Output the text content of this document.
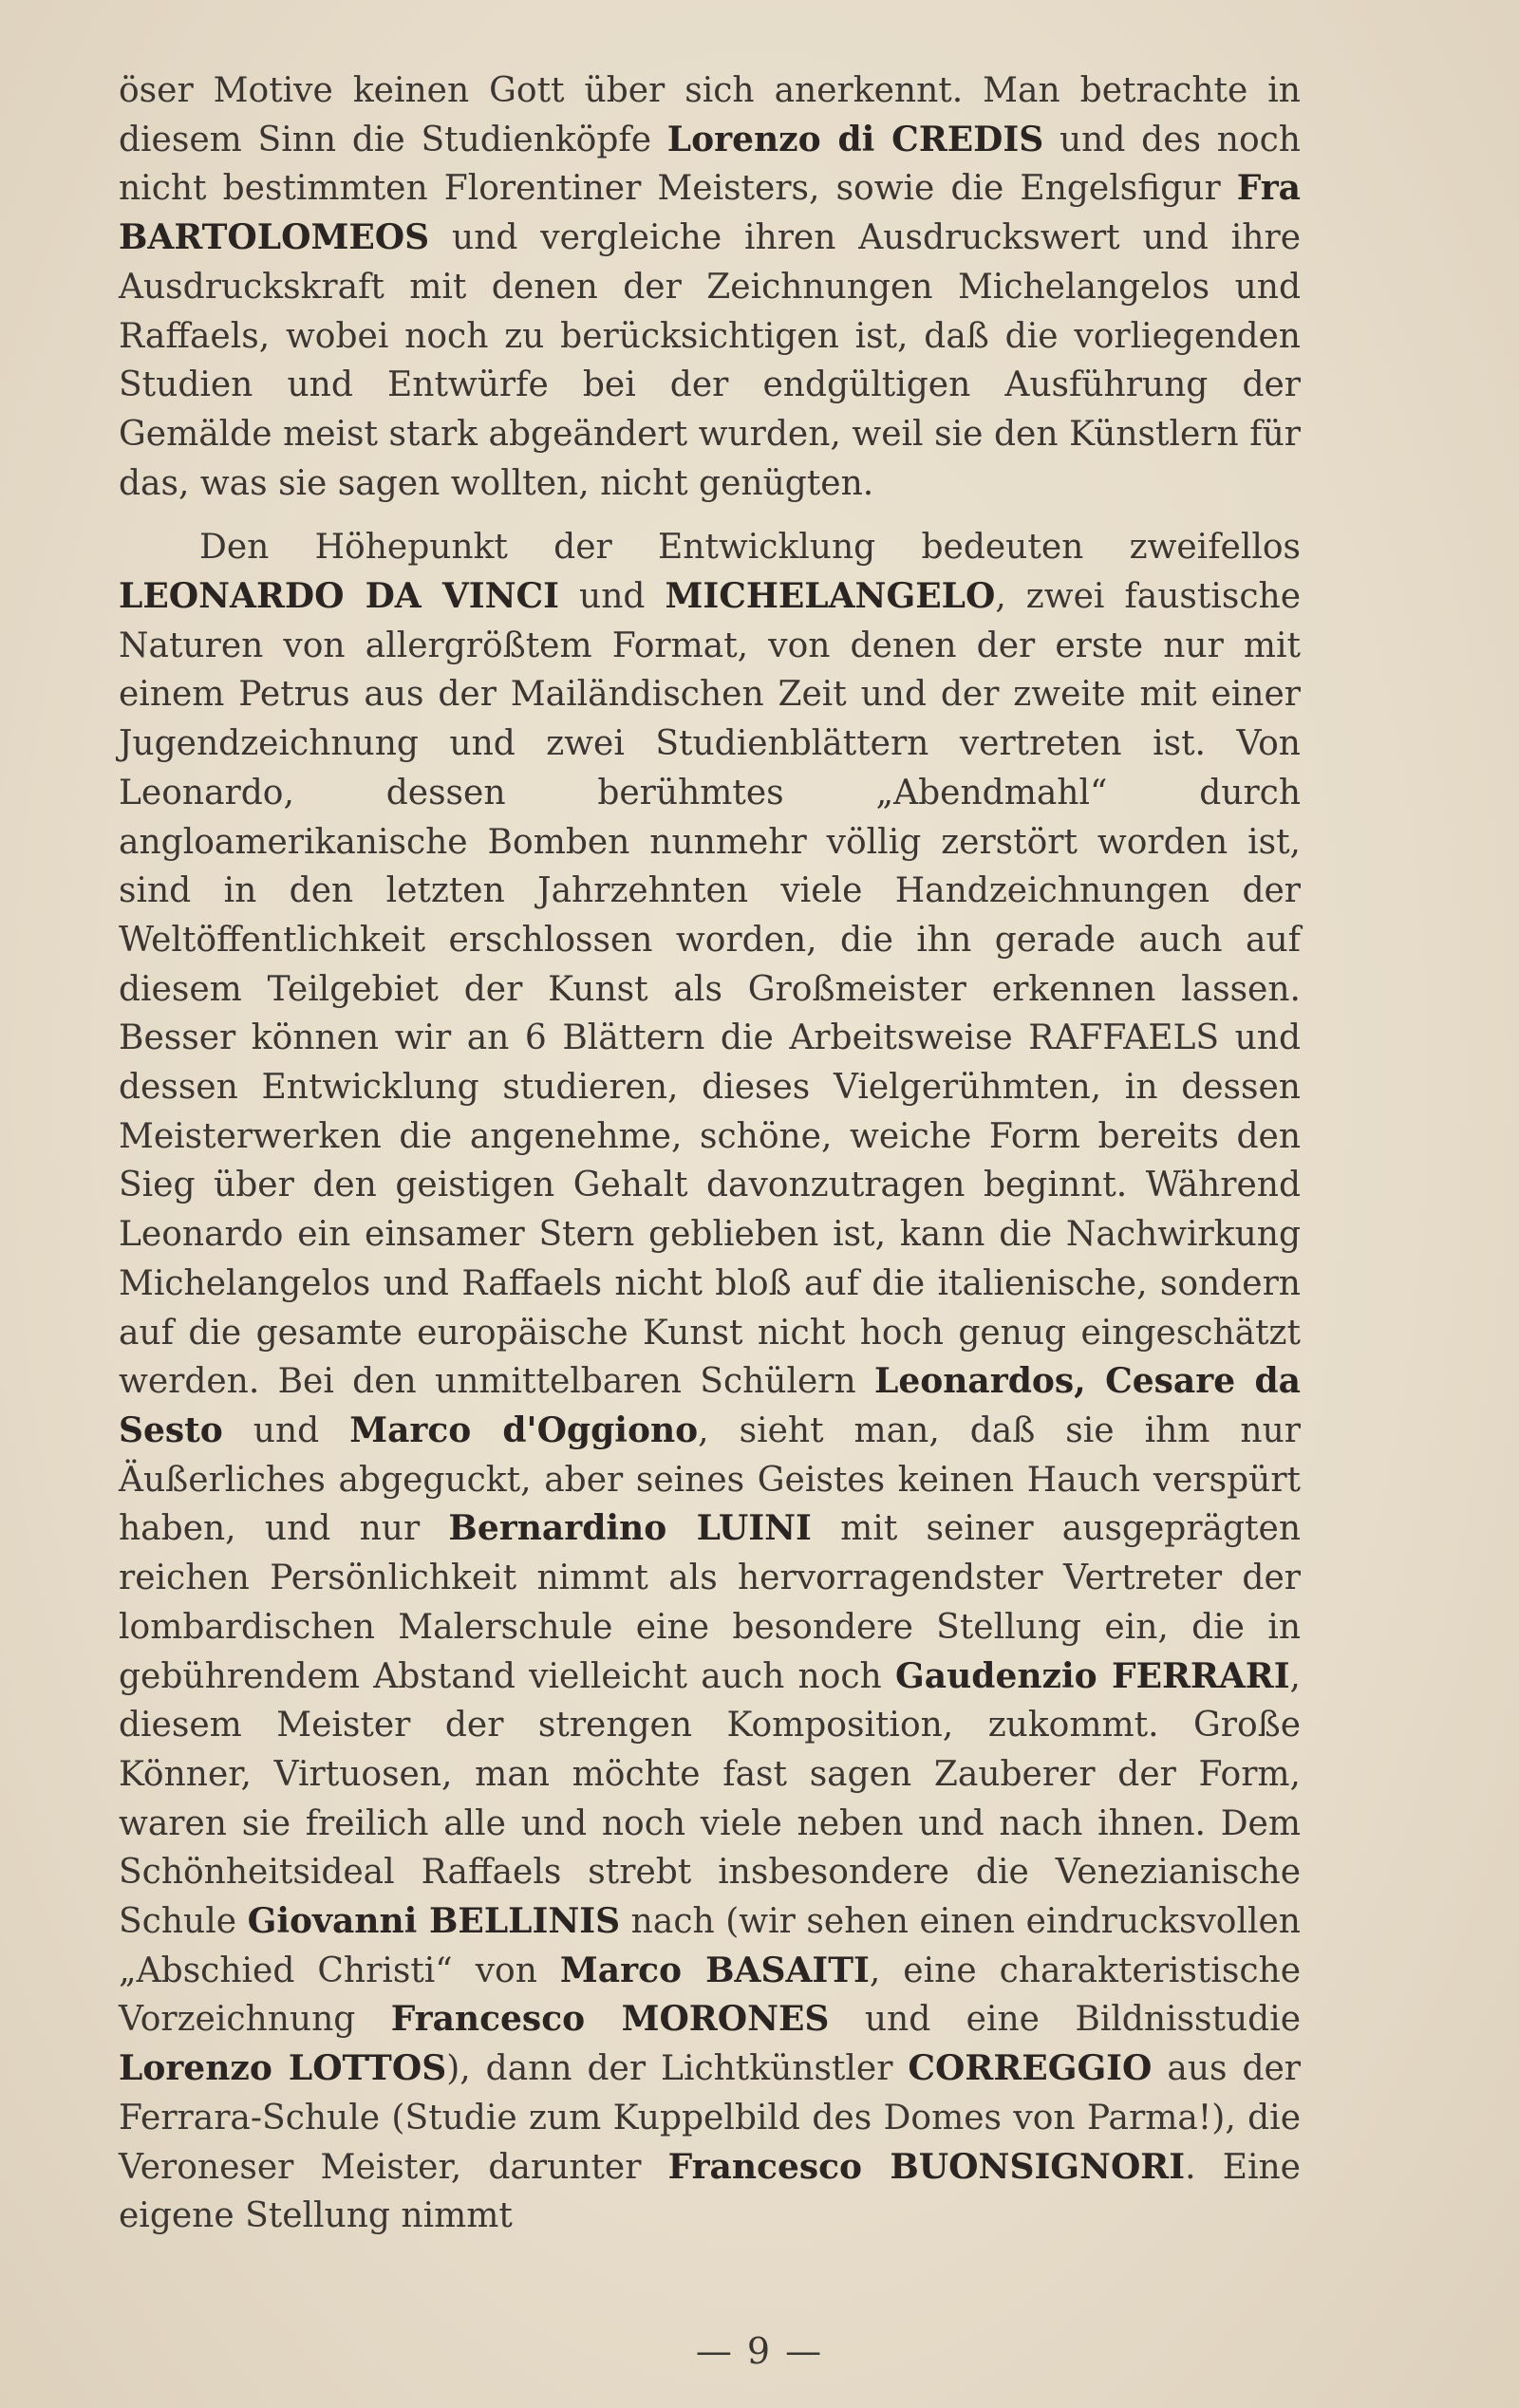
öser Motive keinen Gott über sich anerkennt. Man betrachte in diesem Sinn die Studienköpfe Lorenzo di CREDIS und des noch nicht bestimmten Florentiner Meisters, sowie die Engelsfigur Fra BARTOLOMEOS und vergleiche ihren Ausdruckswert und ihre Ausdruckskraft mit denen der Zeichnungen Michelangelos und Raffaels, wobei noch zu berücksichtigen ist, daß die vorliegenden Studien und Entwürfe bei der endgültigen Ausführung der Gemälde meist stark abgeändert wurden, weil sie den Künstlern für das, was sie sagen wollten, nicht genügten.

Den Höhepunkt der Entwicklung bedeuten zweifellos LEONARDO DA VINCI und MICHELANGELO, zwei faustische Naturen von allergrößtem Format, von denen der erste nur mit einem Petrus aus der Mailändischen Zeit und der zweite mit einer Jugendzeichnung und zwei Studienblättern vertreten ist. Von Leonardo, dessen berühmtes „Abendmahl“ durch angloamerikanische Bomben nunmehr völlig zerstört worden ist, sind in den letzten Jahrzehnten viele Handzeichnungen der Weltöffentlichkeit erschlossen worden, die ihn gerade auch auf diesem Teilgebiet der Kunst als Großmeister erkennen lassen. Besser können wir an 6 Blättern die Arbeitsweise RAFFAELS und dessen Entwicklung studieren, dieses Vielgerühmten, in dessen Meisterwerken die angenehme, schöne, weiche Form bereits den Sieg über den geistigen Gehalt davonzutragen beginnt. Während Leonardo ein einsamer Stern geblieben ist, kann die Nachwirkung Michelangelos und Raffaels nicht bloß auf die italienische, sondern auf die gesamte europäische Kunst nicht hoch genug eingeschätzt werden. Bei den unmittelbaren Schülern Leonardos, Cesare da Sesto und Marco d'Oggiono, sieht man, daß sie ihm nur Äußerliches abgeguckt, aber seines Geistes keinen Hauch verspürt haben, und nur Bernardino LUINI mit seiner ausgeprägten reichen Persönlichkeit nimmt als hervorragendster Vertreter der lombardischen Malerschule eine besondere Stellung ein, die in gebührendem Abstand vielleicht auch noch Gaudenzio FERRARI, diesem Meister der strengen Komposition, zukommt. Große Könner, Virtuosen, man möchte fast sagen Zauberer der Form, waren sie freilich alle und noch viele neben und nach ihnen. Dem Schönheitsideal Raffaels strebt insbesondere die Venezianische Schule Giovanni BELLINIS nach (wir sehen einen eindrucksvollen „Abschied Christi“ von Marco BASAITI, eine charakteristische Vorzeichnung Francesco MORONES und eine Bildnisstudie Lorenzo LOTTOS), dann der Lichtkünstler CORREGGIO aus der Ferrara-Schule (Studie zum Kuppelbild des Domes von Parma!), die Veroneser Meister, darunter Francesco BUONSIGNORI. Eine eigene Stellung nimmt

— 9 —
